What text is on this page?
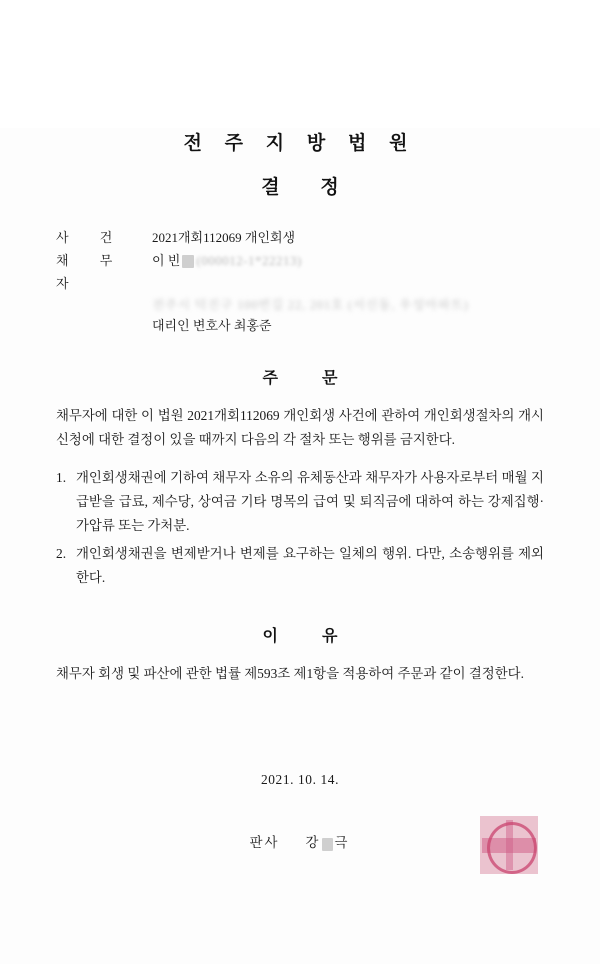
전 주 지 방 법 원
결 정
사 건	2021개회112069 개인회생
채 무 자
이 빈 (000012-1*22213)
전주시 덕진구 100번길 22, 201호 (서신동, 우성아파트)
대리인 변호사 최홍준
주 문
채무자에 대한 이 법원 2021개회112069 개인회생 사건에 관하여 개인회생절차의 개시신청에 대한 결정이 있을 때까지 다음의 각 절차 또는 행위를 금지한다.
1. 개인회생채권에 기하여 채무자 소유의 유체동산과 채무자가 사용자로부터 매월 지급받을 급료, 제수당, 상여금 기타 명목의 급여 및 퇴직금에 대하여 하는 강제집행·가압류 또는 가처분.
2. 개인회생채권을 변제받거나 변제를 요구하는 일체의 행위. 다만, 소송행위를 제외한다.
이 유
채무자 회생 및 파산에 관한 법률 제593조 제1항을 적용하여 주문과 같이 결정한다.
2021. 10. 14.
판사 강 극
